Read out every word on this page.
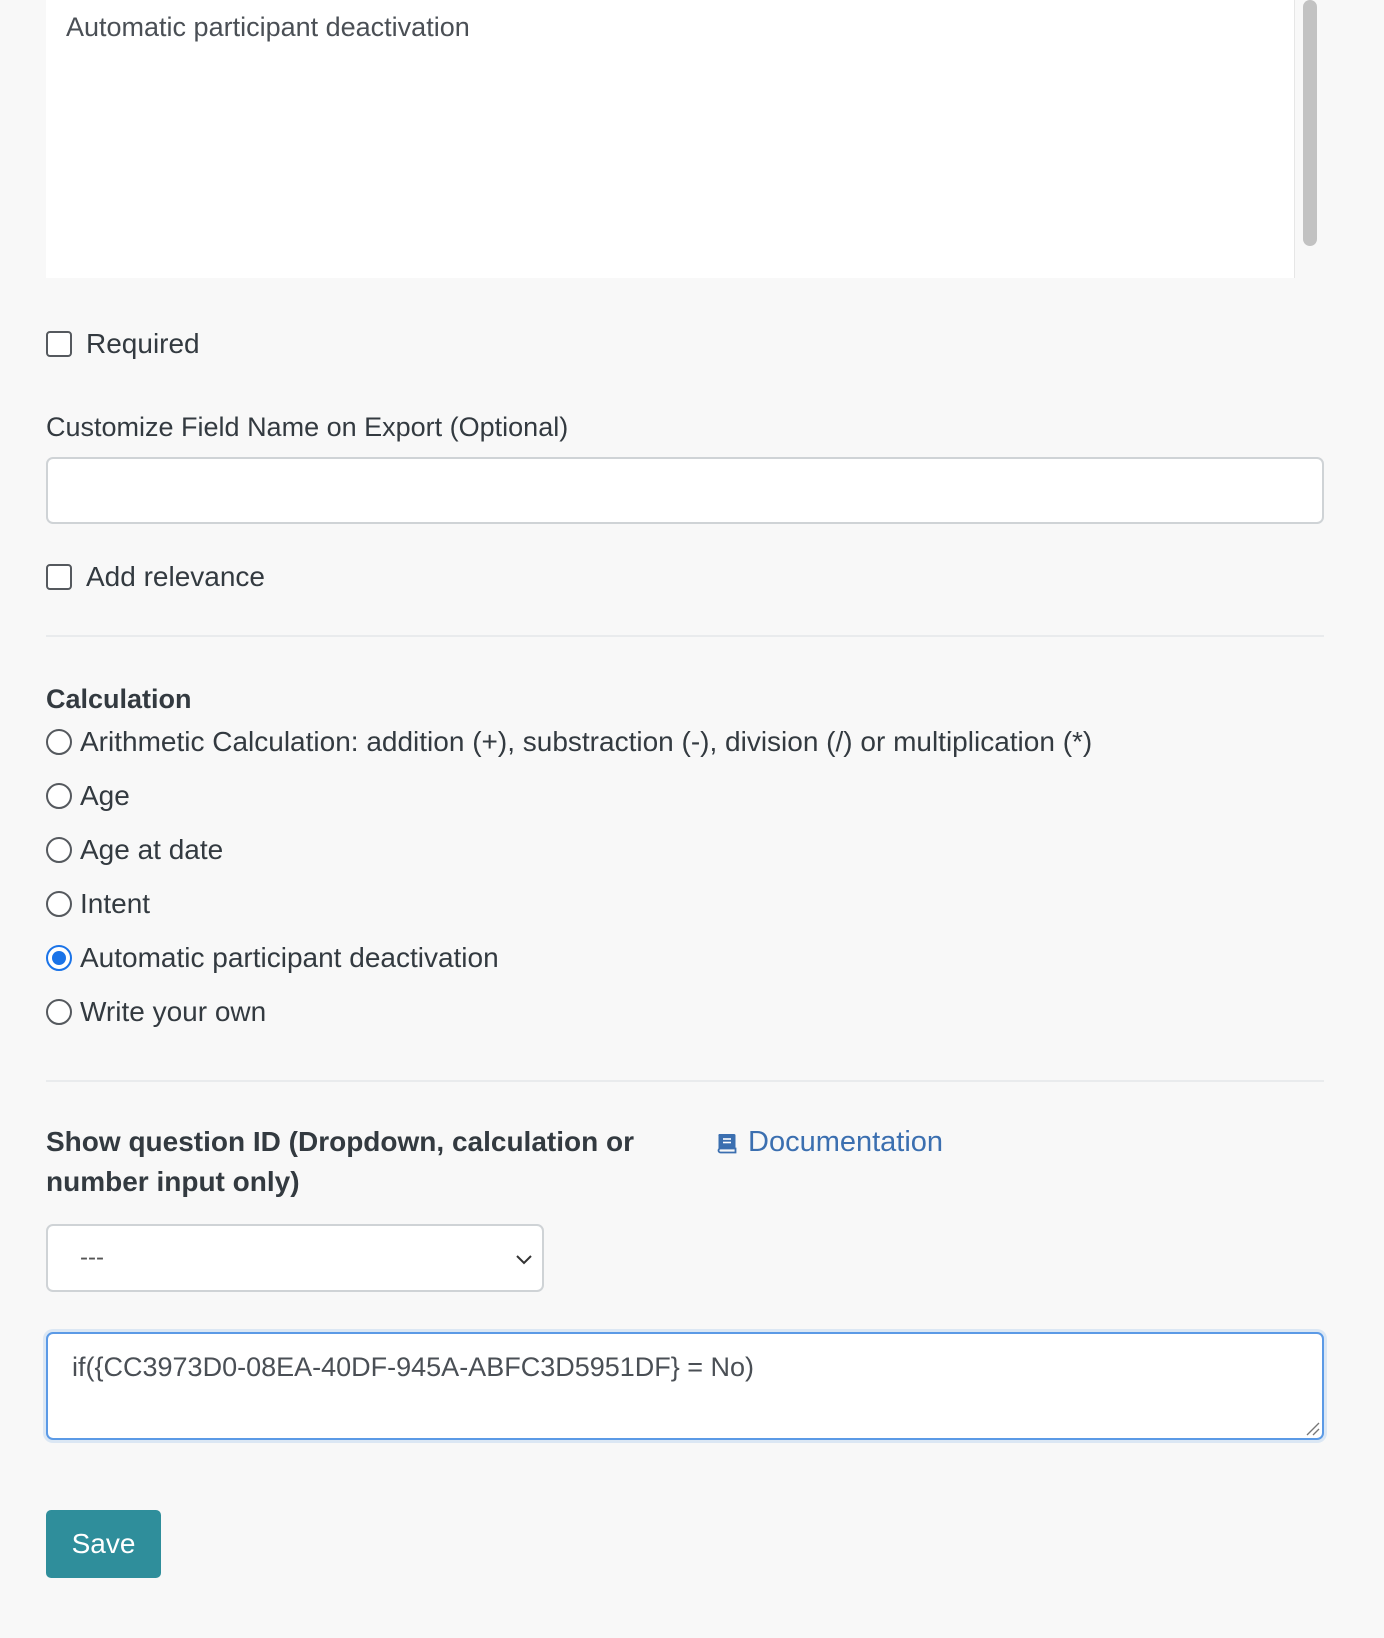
Automatic participant deactivation
Required
Customize Field Name on Export (Optional)
Add relevance
Calculation
Arithmetic Calculation: addition (+), substraction (-), division (/) or multiplication (*)
Age
Age at date
Intent
Automatic participant deactivation
Write your own
Show question ID (Dropdown, calculation or number input only)
Documentation
---
if({CC3973D0-08EA-40DF-945A-ABFC3D5951DF} = No)
Save
